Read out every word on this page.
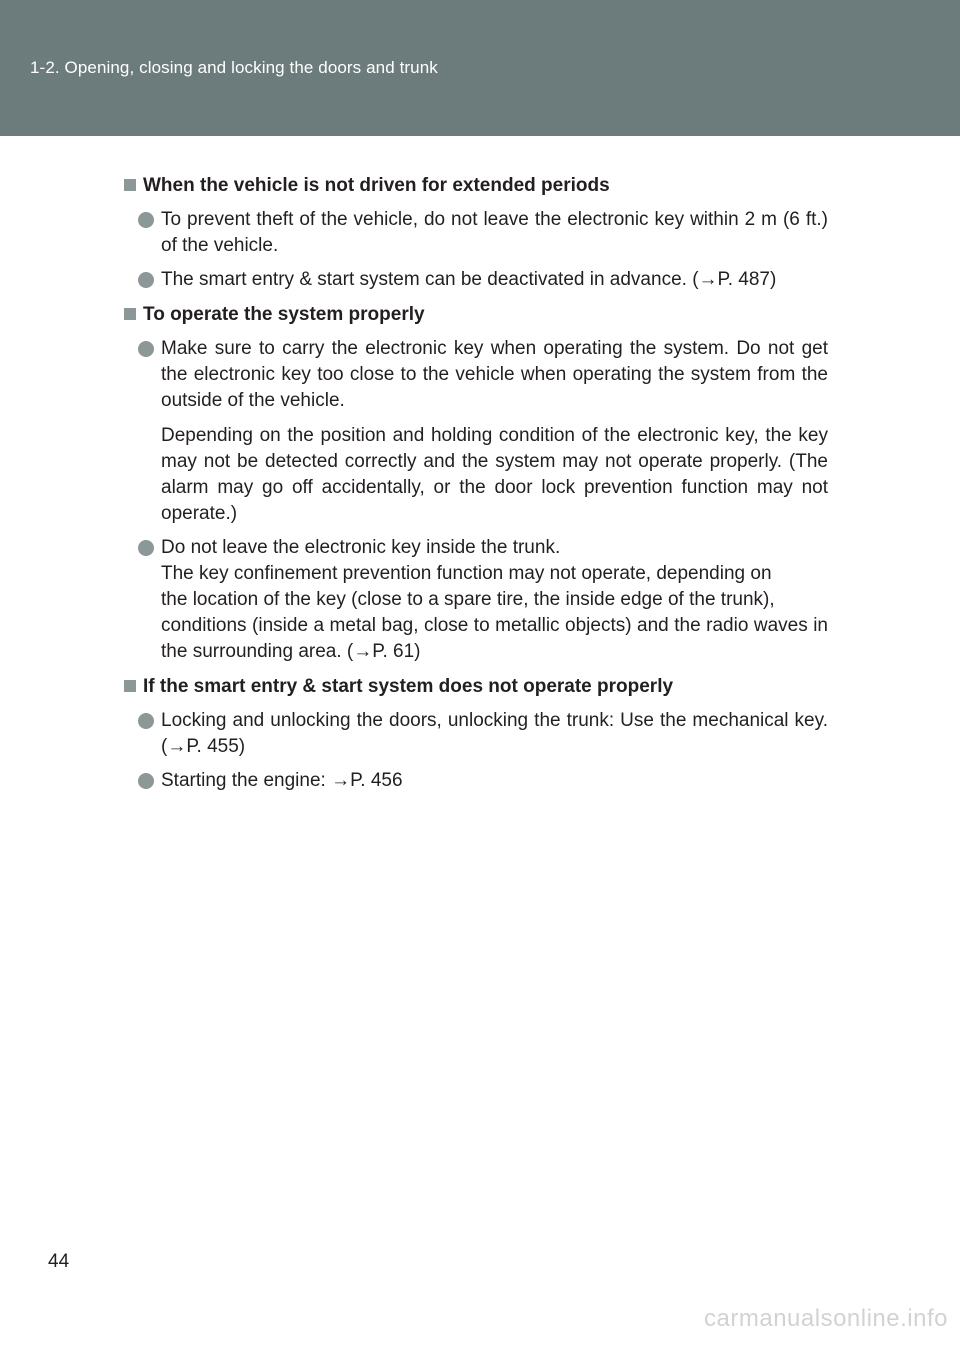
1-2. Opening, closing and locking the doors and trunk
When the vehicle is not driven for extended periods
To prevent theft of the vehicle, do not leave the electronic key within 2 m (6 ft.) of the vehicle.
The smart entry & start system can be deactivated in advance. (→P. 487)
To operate the system properly
Make sure to carry the electronic key when operating the system. Do not get the electronic key too close to the vehicle when operating the system from the outside of the vehicle.
Depending on the position and holding condition of the electronic key, the key may not be detected correctly and the system may not operate properly. (The alarm may go off accidentally, or the door lock prevention function may not operate.)
Do not leave the electronic key inside the trunk.
The key confinement prevention function may not operate, depending on
the location of the key (close to a spare tire, the inside edge of the trunk),
conditions (inside a metal bag, close to metallic objects) and the radio waves in the surrounding area. (→P. 61)
If the smart entry & start system does not operate properly
Locking and unlocking the doors, unlocking the trunk: Use the mechanical key. (→P. 455)
Starting the engine: →P. 456
44
carmanualsonline.info
